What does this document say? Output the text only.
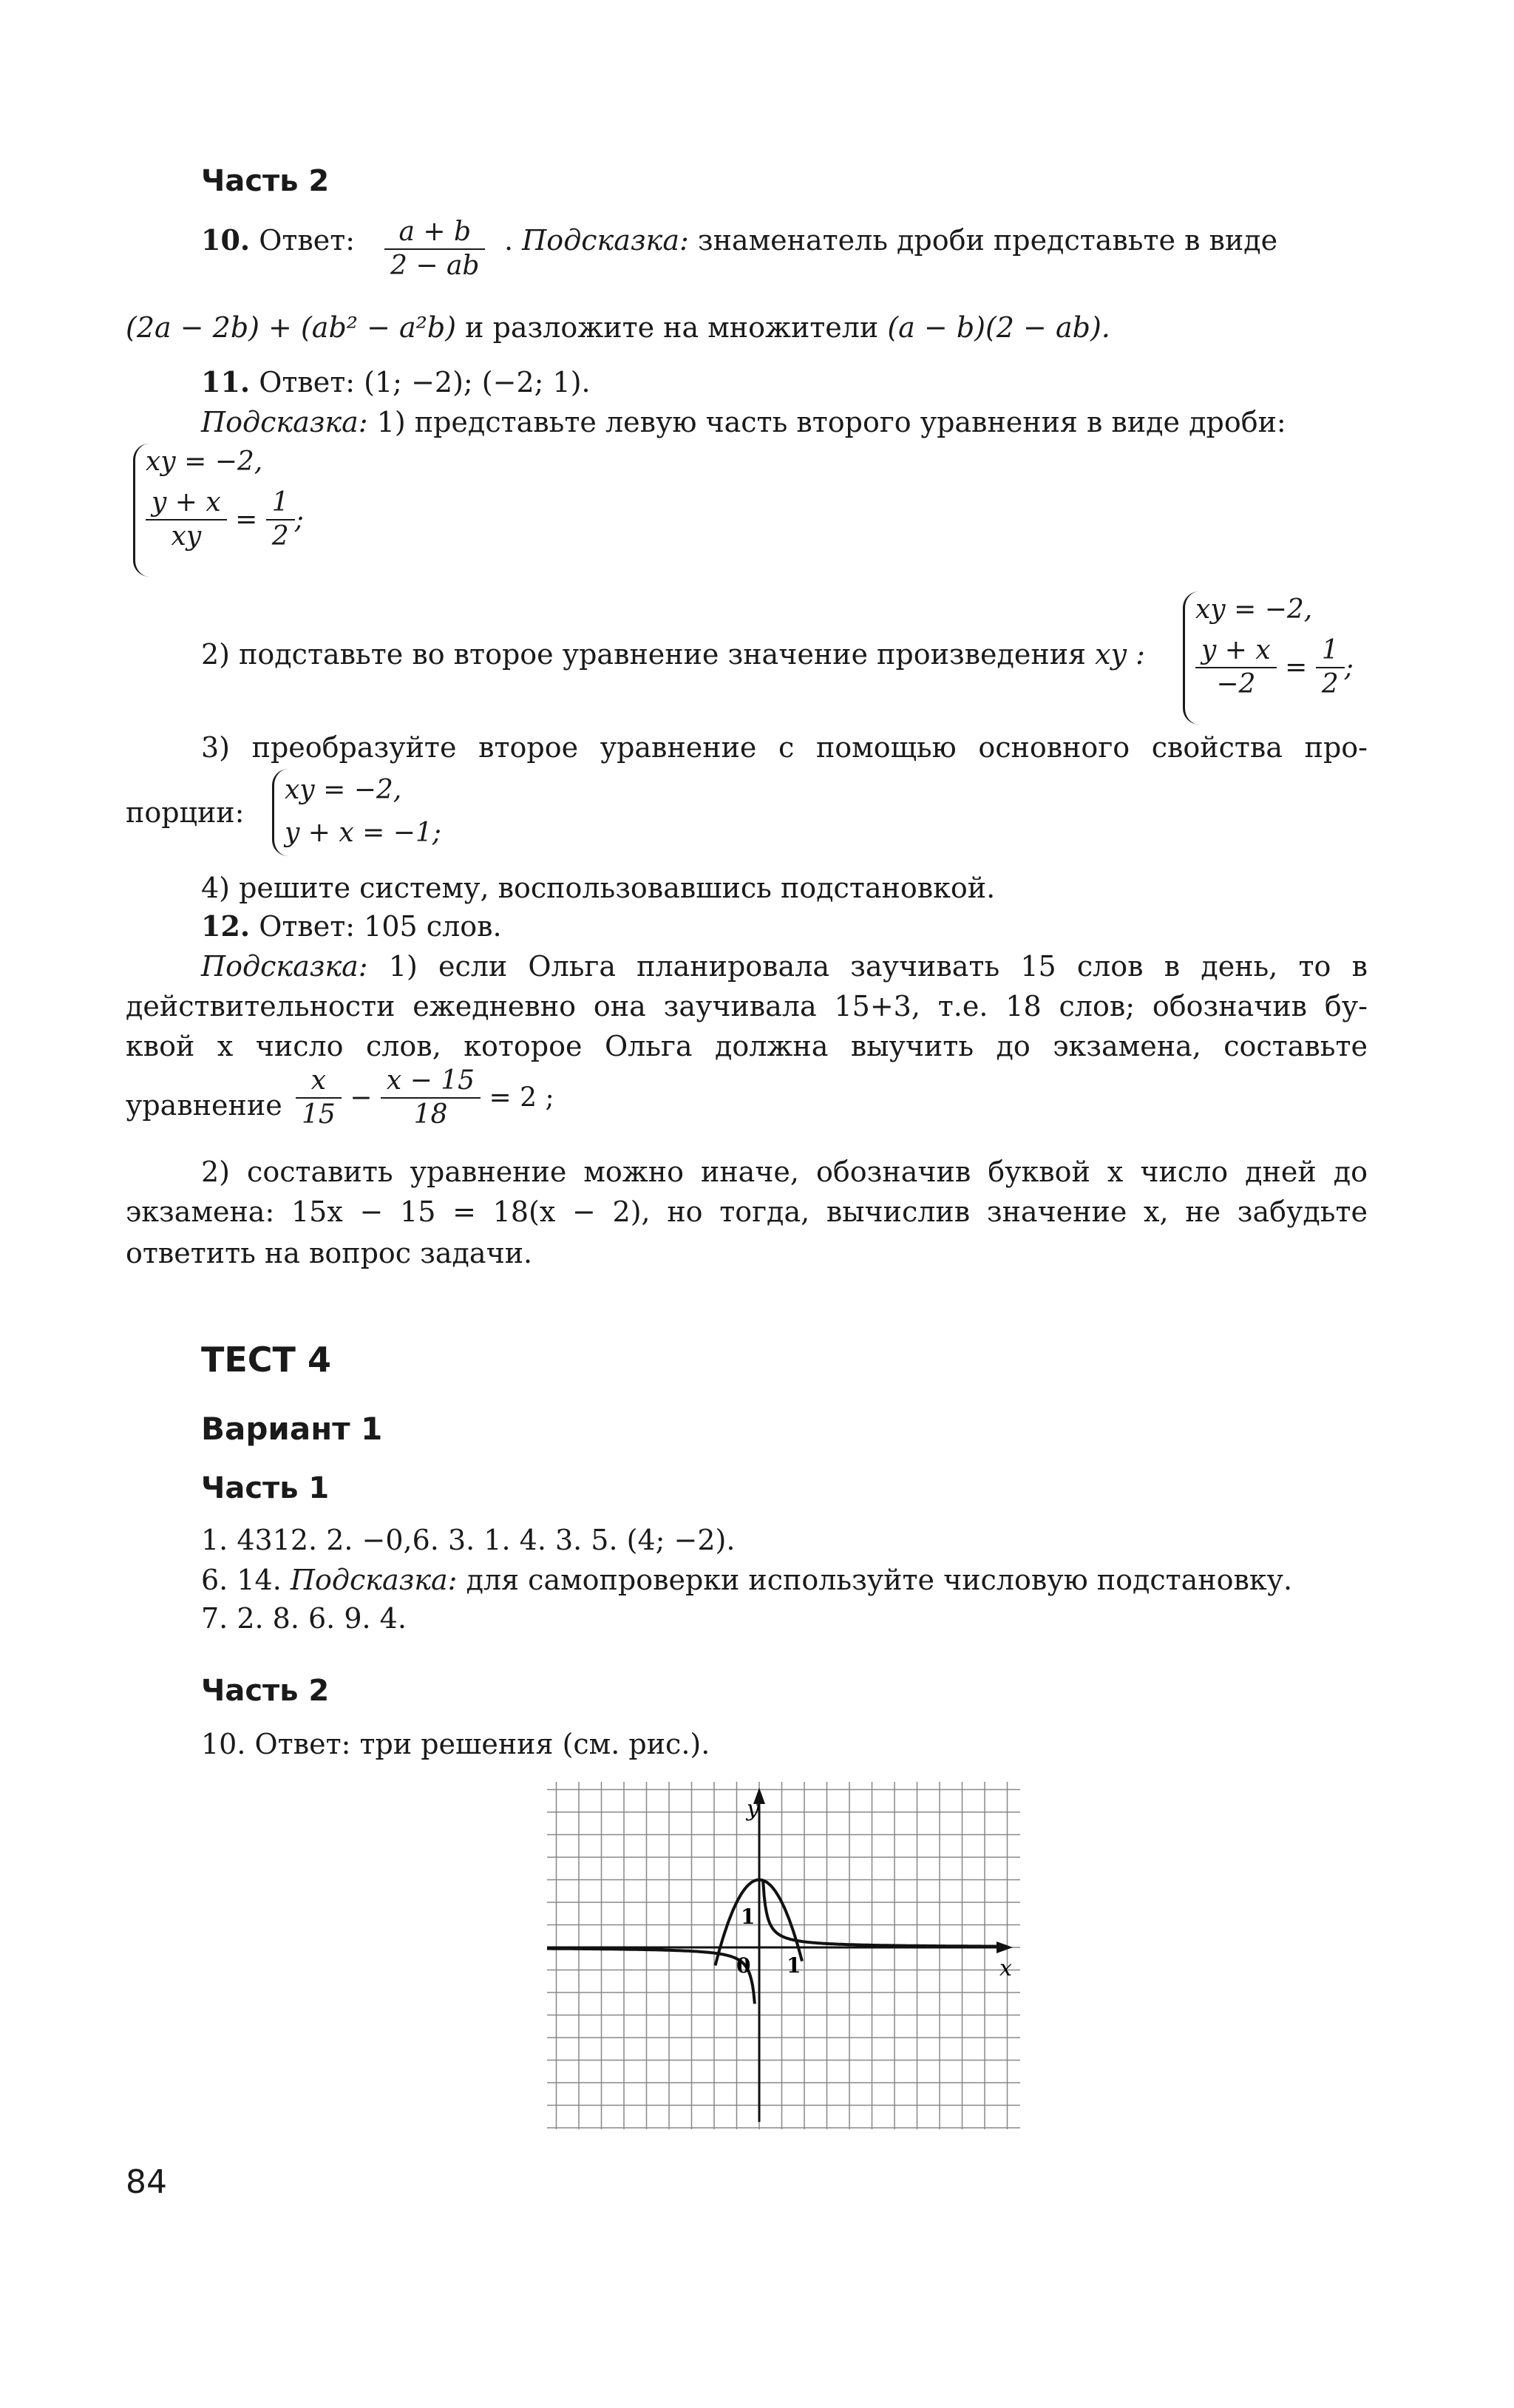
Часть 2
10. Ответ: $\frac{a + b}{2 - ab}$ . Подсказка: знаменатель дроби представьте в виде
(2a − 2b) + (ab² − a²b) и разложите на множители (a − b)(2 − ab).
11. Ответ: (1; −2); (−2; 1).
Подсказка: 1) представьте левую часть второго уравнения в виде дроби:
xy = −2,
$\frac{y + x}{xy} = \frac{1}{2}$ ;
2) подставьте во второе уравнение значение произведения xy :
xy = −2,
$\frac{y + x}{-2} = \frac{1}{2}$ ;
3) преобразуйте второе уравнение с помощью основного свойства про-
порции:
xy = −2,
y + x = −1;
4) решите систему, воспользовавшись подстановкой.
12. Ответ: 105 слов.
Подсказка: 1) если Ольга планировала заучивать 15 слов в день, то в
действительности ежедневно она заучивала 15+3, т.е. 18 слов; обозначив бу-
квой x число слов, которое Ольга должна выучить до экзамена, составьте
уравнение $\frac{x}{15} - \frac{x - 15}{18} = 2$ ;
2) составить уравнение можно иначе, обозначив буквой x число дней до
экзамена: 15x − 15 = 18(x − 2), но тогда, вычислив значение x, не забудьте
ответить на вопрос задачи.
ТЕСТ 4
Вариант 1
Часть 1
1. 4312. 2. −0,6. 3. 1. 4. 3. 5. (4; −2).
6. 14. Подсказка: для самопроверки используйте числовую подстановку.
7. 2. 8. 6. 9. 4.
Часть 2
10. Ответ: три решения (см. рис.).
y
x
0 1
1
84
